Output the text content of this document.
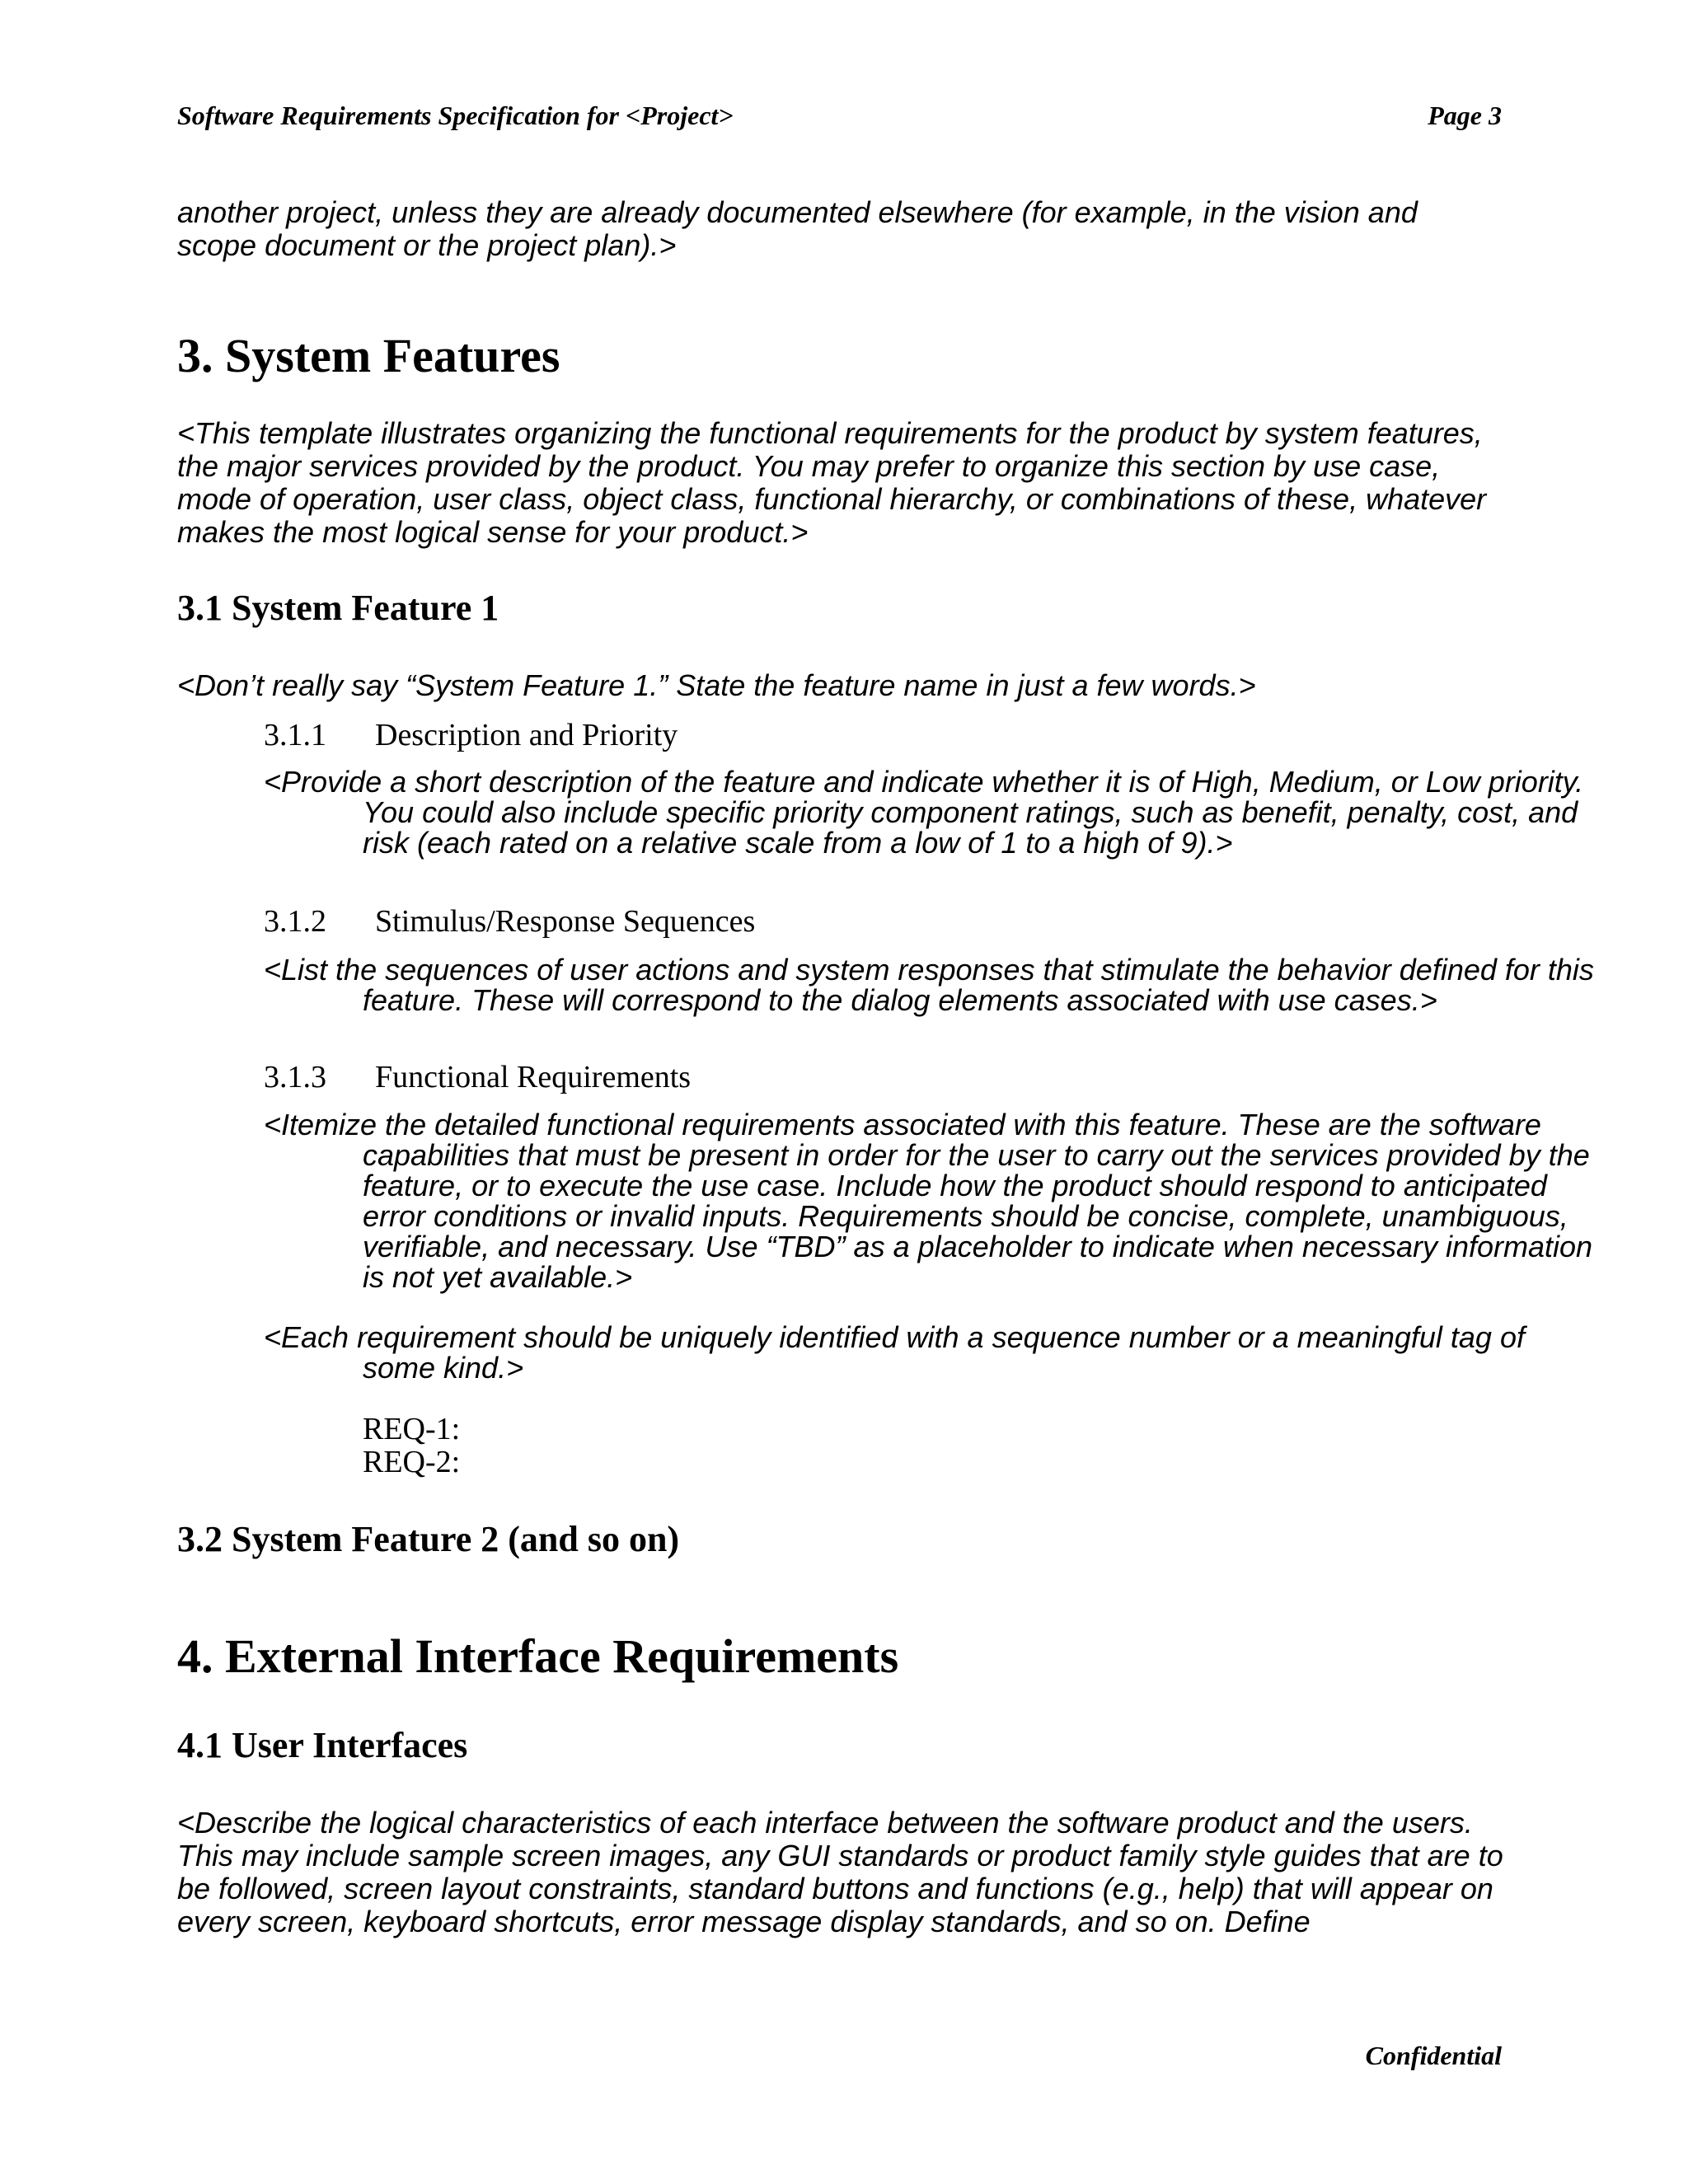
Software Requirements Specification for <Project>	Page 3

another project, unless they are already documented elsewhere (for example, in the vision and scope document or the project plan).>

3. System Features

<This template illustrates organizing the functional requirements for the product by system features, the major services provided by the product. You may prefer to organize this section by use case, mode of operation, user class, object class, functional hierarchy, or combinations of these, whatever makes the most logical sense for your product.>

3.1 System Feature 1

<Don’t really say “System Feature 1.” State the feature name in just a few words.>

3.1.1 Description and Priority

<Provide a short description of the feature and indicate whether it is of High, Medium, or Low priority. You could also include specific priority component ratings, such as benefit, penalty, cost, and risk (each rated on a relative scale from a low of 1 to a high of 9).>

3.1.2 Stimulus/Response Sequences

<List the sequences of user actions and system responses that stimulate the behavior defined for this feature. These will correspond to the dialog elements associated with use cases.>

3.1.3 Functional Requirements

<Itemize the detailed functional requirements associated with this feature. These are the software capabilities that must be present in order for the user to carry out the services provided by the feature, or to execute the use case. Include how the product should respond to anticipated error conditions or invalid inputs. Requirements should be concise, complete, unambiguous, verifiable, and necessary. Use “TBD” as a placeholder to indicate when necessary information is not yet available.>

<Each requirement should be uniquely identified with a sequence number or a meaningful tag of some kind.>

REQ-1:

REQ-2:

3.2 System Feature 2 (and so on)
4. External Interface Requirements
4.1 User Interfaces

<Describe the logical characteristics of each interface between the software product and the users. This may include sample screen images, any GUI standards or product family style guides that are to be followed, screen layout constraints, standard buttons and functions (e.g., help) that will appear on every screen, keyboard shortcuts, error message display standards, and so on. Define

Confidential
